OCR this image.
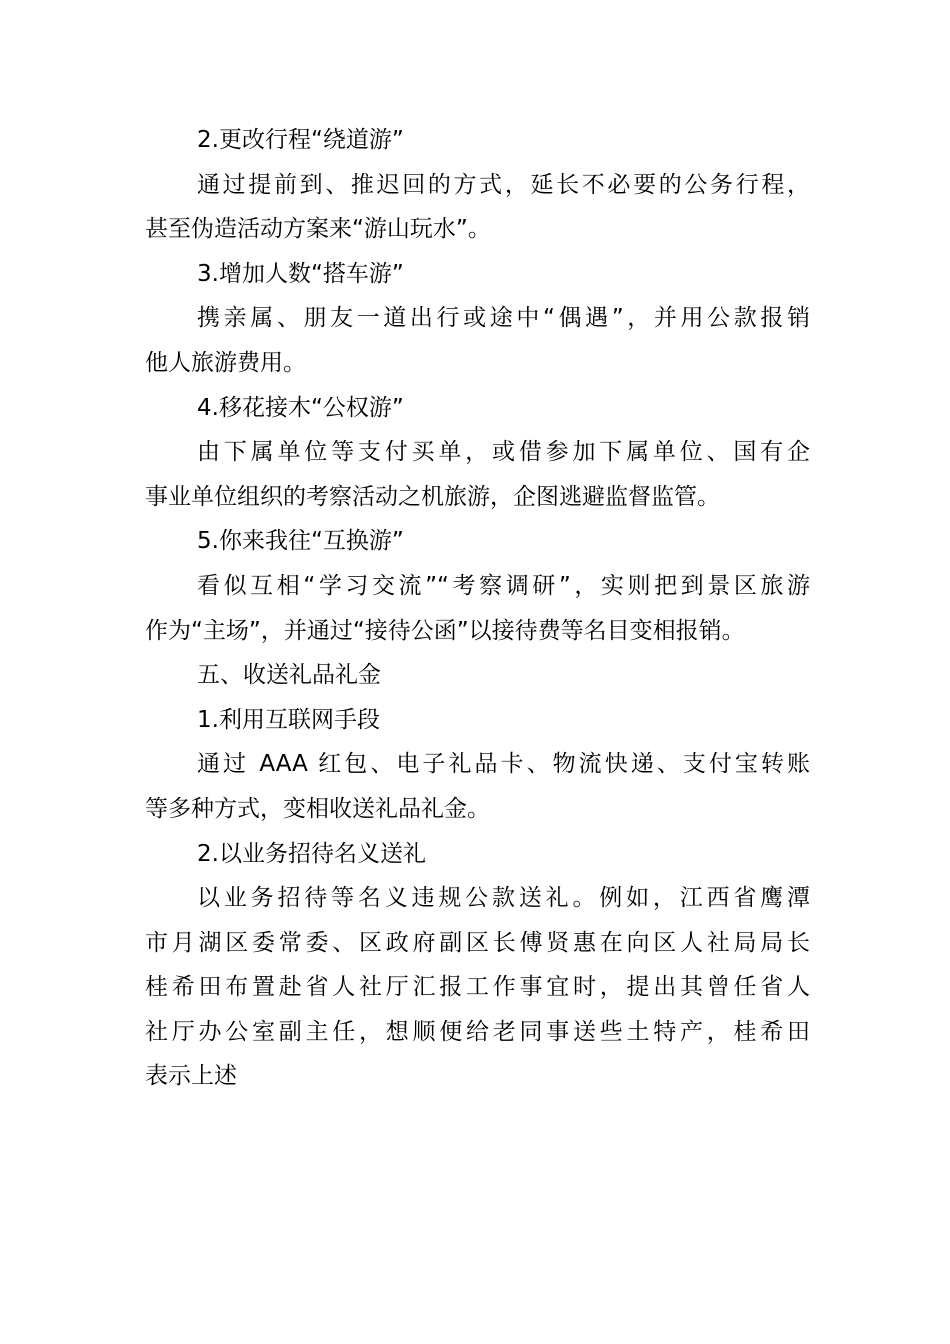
2.更改行程“绕道游”
通过提前到、推迟回的方式，延长不必要的公务行程，
甚至伪造活动方案来“游山玩水”。
3.增加人数“搭车游”
携亲属、朋友一道出行或途中“偶遇”，并用公款报销
他人旅游费用。
4.移花接木“公权游”
由下属单位等支付买单，或借参加下属单位、国有企
事业单位组织的考察活动之机旅游，企图逃避监督监管。
5.你来我往“互换游”
看似互相“学习交流”“考察调研”，实则把到景区旅游
作为“主场”，并通过“接待公函”以接待费等名目变相报销。
五、收送礼品礼金
1.利用互联网手段
通过 AAA 红包、电子礼品卡、物流快递、支付宝转账
等多种方式，变相收送礼品礼金。
2.以业务招待名义送礼
以业务招待等名义违规公款送礼。例如，江西省鹰潭
市月湖区委常委、区政府副区长傅贤惠在向区人社局局长
桂希田布置赴省人社厅汇报工作事宜时，提出其曾任省人
社厅办公室副主任，想顺便给老同事送些土特产，桂希田
表示上述
